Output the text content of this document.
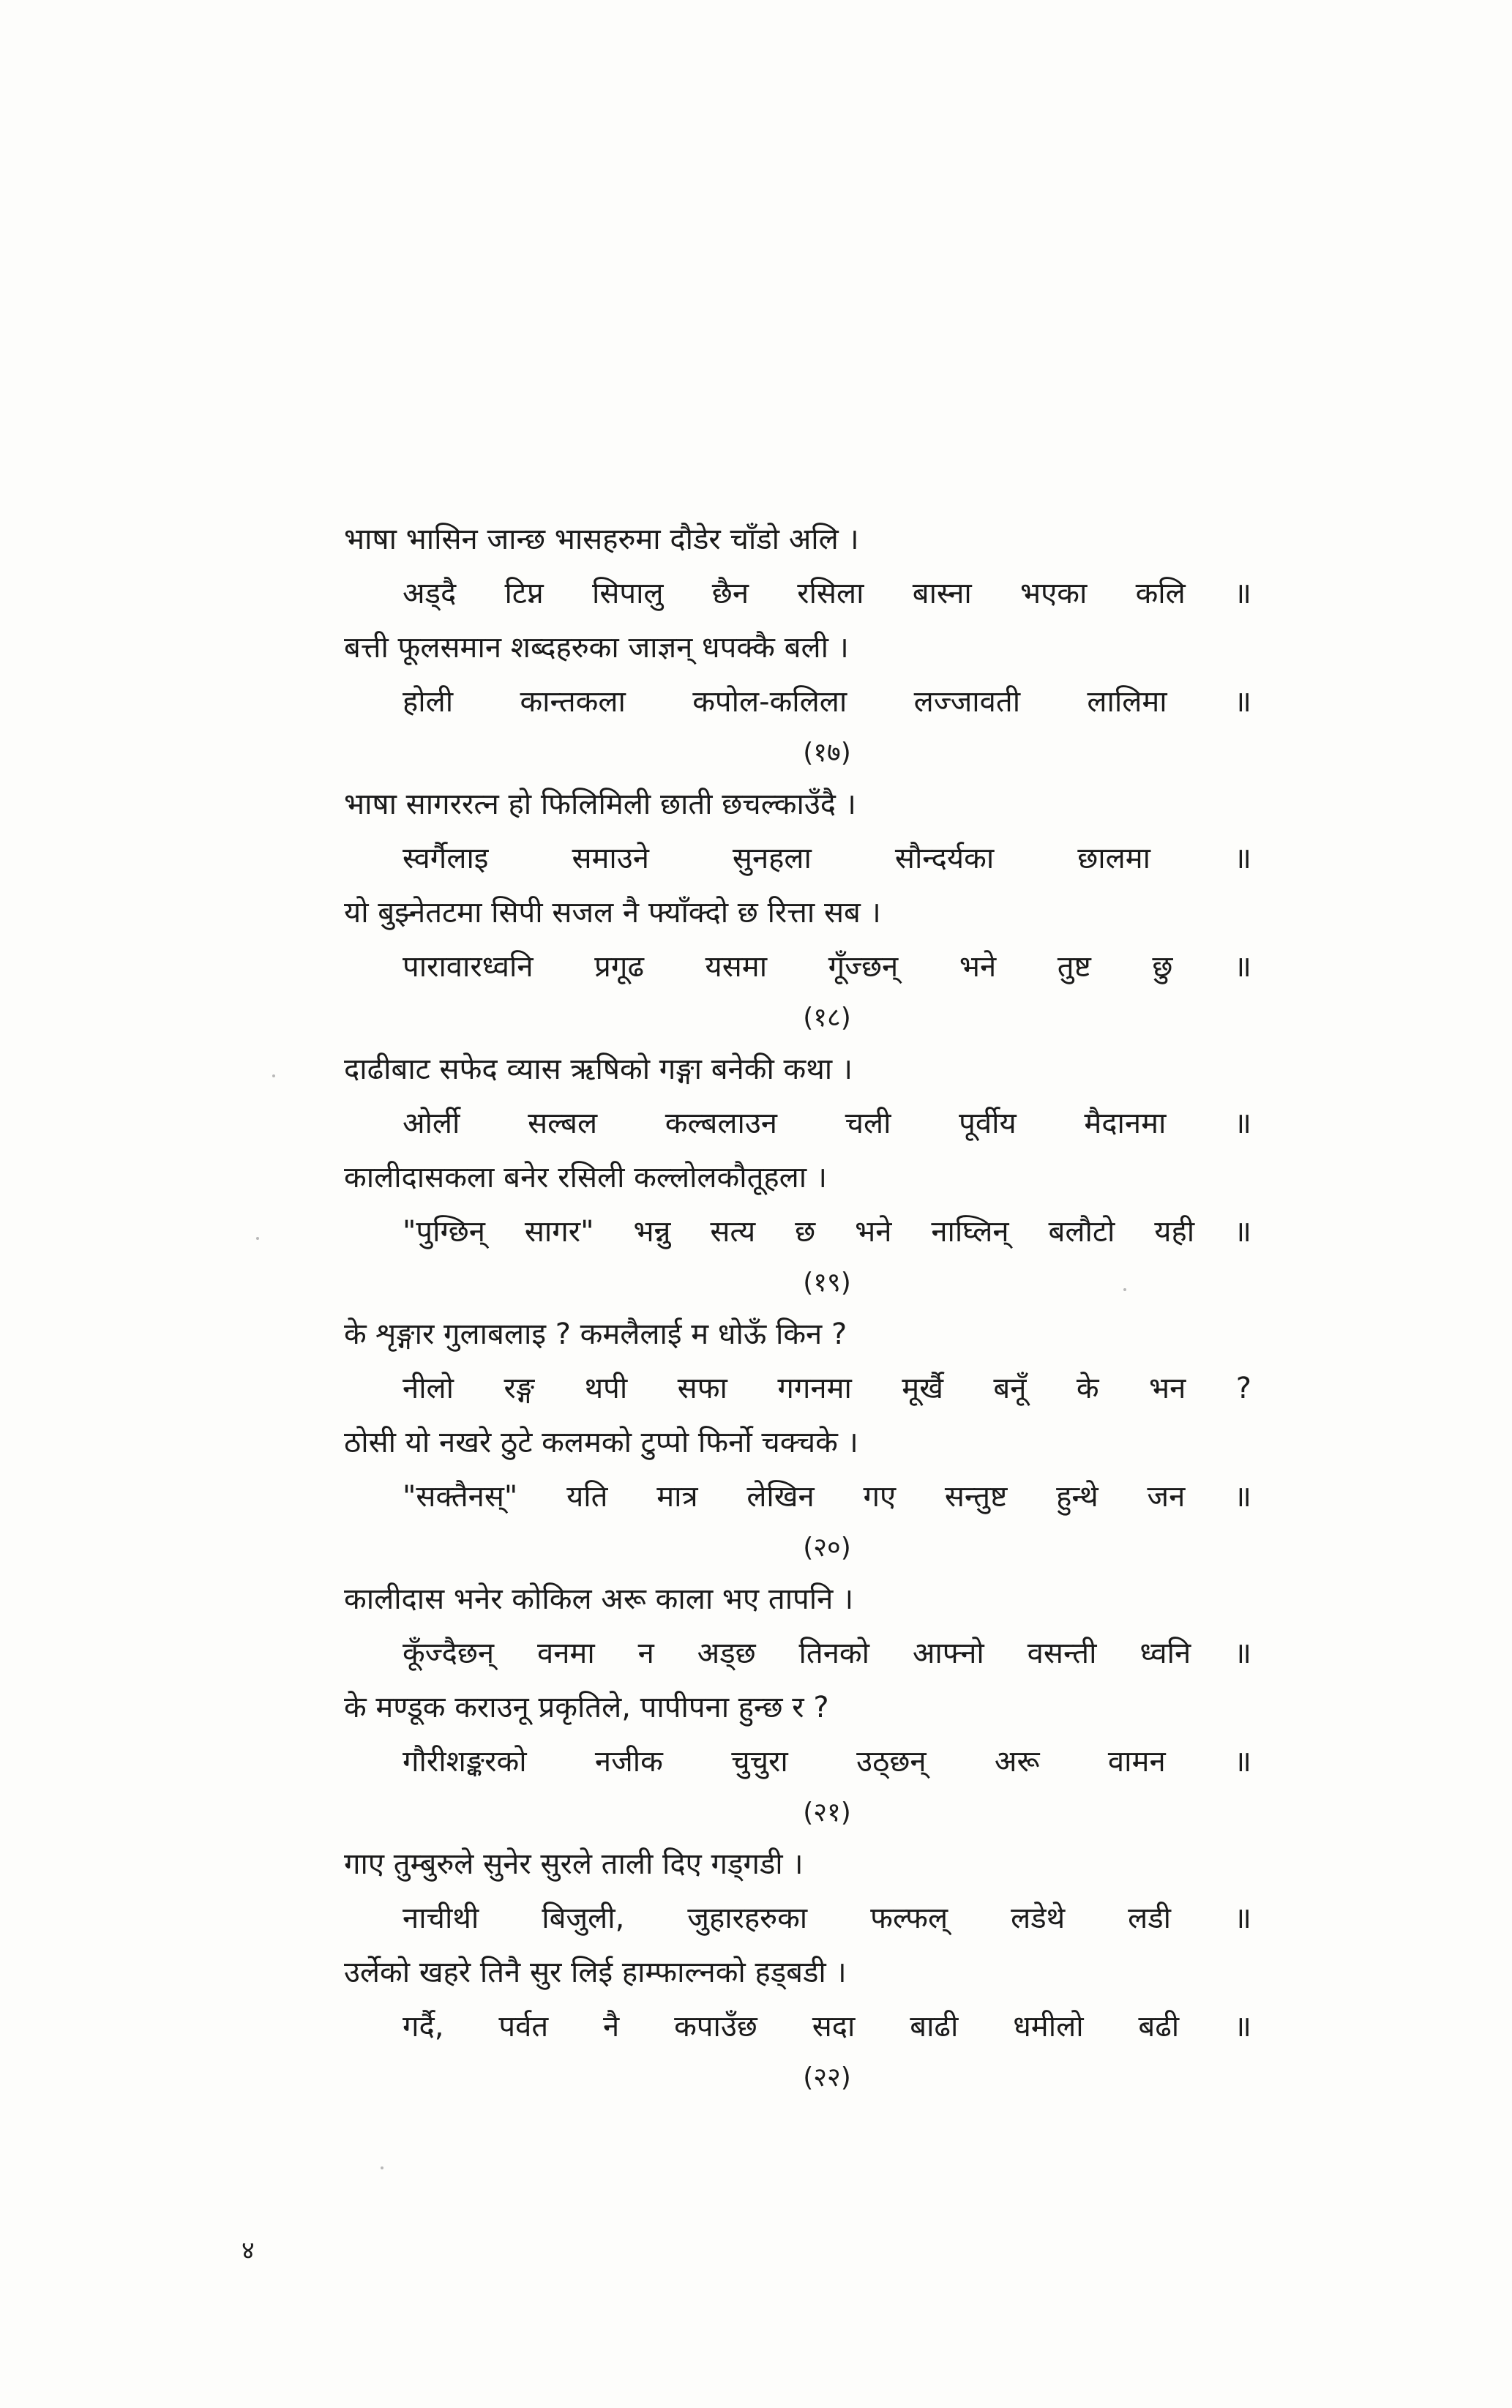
भाषा भासिन जान्छ भासहरुमा दौडेर चाँडो अलि ।
अड्दै टिप्न सिपालु छैन रसिला बास्ना भएका कलि ॥
बत्ती फूलसमान शब्दहरुका जाज्ञन् धपक्कै बली ।
होली कान्तकला कपोल-कलिला लज्जावती लालिमा ॥
(१७)
भाषा सागररत्न हो फिलिमिली छाती छचल्काउँदै ।
स्वर्गैलाइ समाउने सुनहला सौन्दर्यका छालमा ॥
यो बुझ्नेतटमा सिपी सजल नै फ्याँक्दो छ रित्ता सब ।
पारावारध्वनि प्रगूढ यसमा गूँज्छन् भने तुष्ट छु ॥
(१८)
दाढीबाट सफेद व्यास ऋषिको गङ्गा बनेकी कथा ।
ओर्ली सल्बल कल्बलाउन चली पूर्वीय मैदानमा ॥
कालीदासकला बनेर रसिली कल्लोलकौतूहला ।
"पुग्छिन् सागर" भन्नु सत्य छ भने नाघ्लिन् बलौटो यही ॥
(१९)
के शृङ्गार गुलाबलाइ ? कमलैलाई म धोऊँ किन ?
नीलो रङ्ग थपी सफा गगनमा मूर्खै बनूँ के भन ?
ठोसी यो नखरे ठुटे कलमको टुप्पो फिर्नो चक्चके ।
"सक्तैनस्" यति मात्र लेखिन गए सन्तुष्ट हुन्थे जन ॥
(२०)
कालीदास भनेर कोकिल अरू काला भए तापनि ।
कूँज्दैछन् वनमा न अड्छ तिनको आफ्नो वसन्ती ध्वनि ॥
के मण्डूक कराउनू प्रकृतिले, पापीपना हुन्छ र ?
गौरीशङ्करको नजीक चुचुरा उठ्छन् अरू वामन ॥
(२१)
गाए तुम्बुरुले सुनेर सुरले ताली दिए गड्गडी ।
नाचीथी बिजुली, जुहारहरुका फल्फल् लडेथे लडी ॥
उर्लेको खहरे तिनै सुर लिई हाम्फाल्नको हड्बडी ।
गर्दै, पर्वत नै कपाउँछ सदा बाढी धमीलो बढी ॥
(२२)
४
